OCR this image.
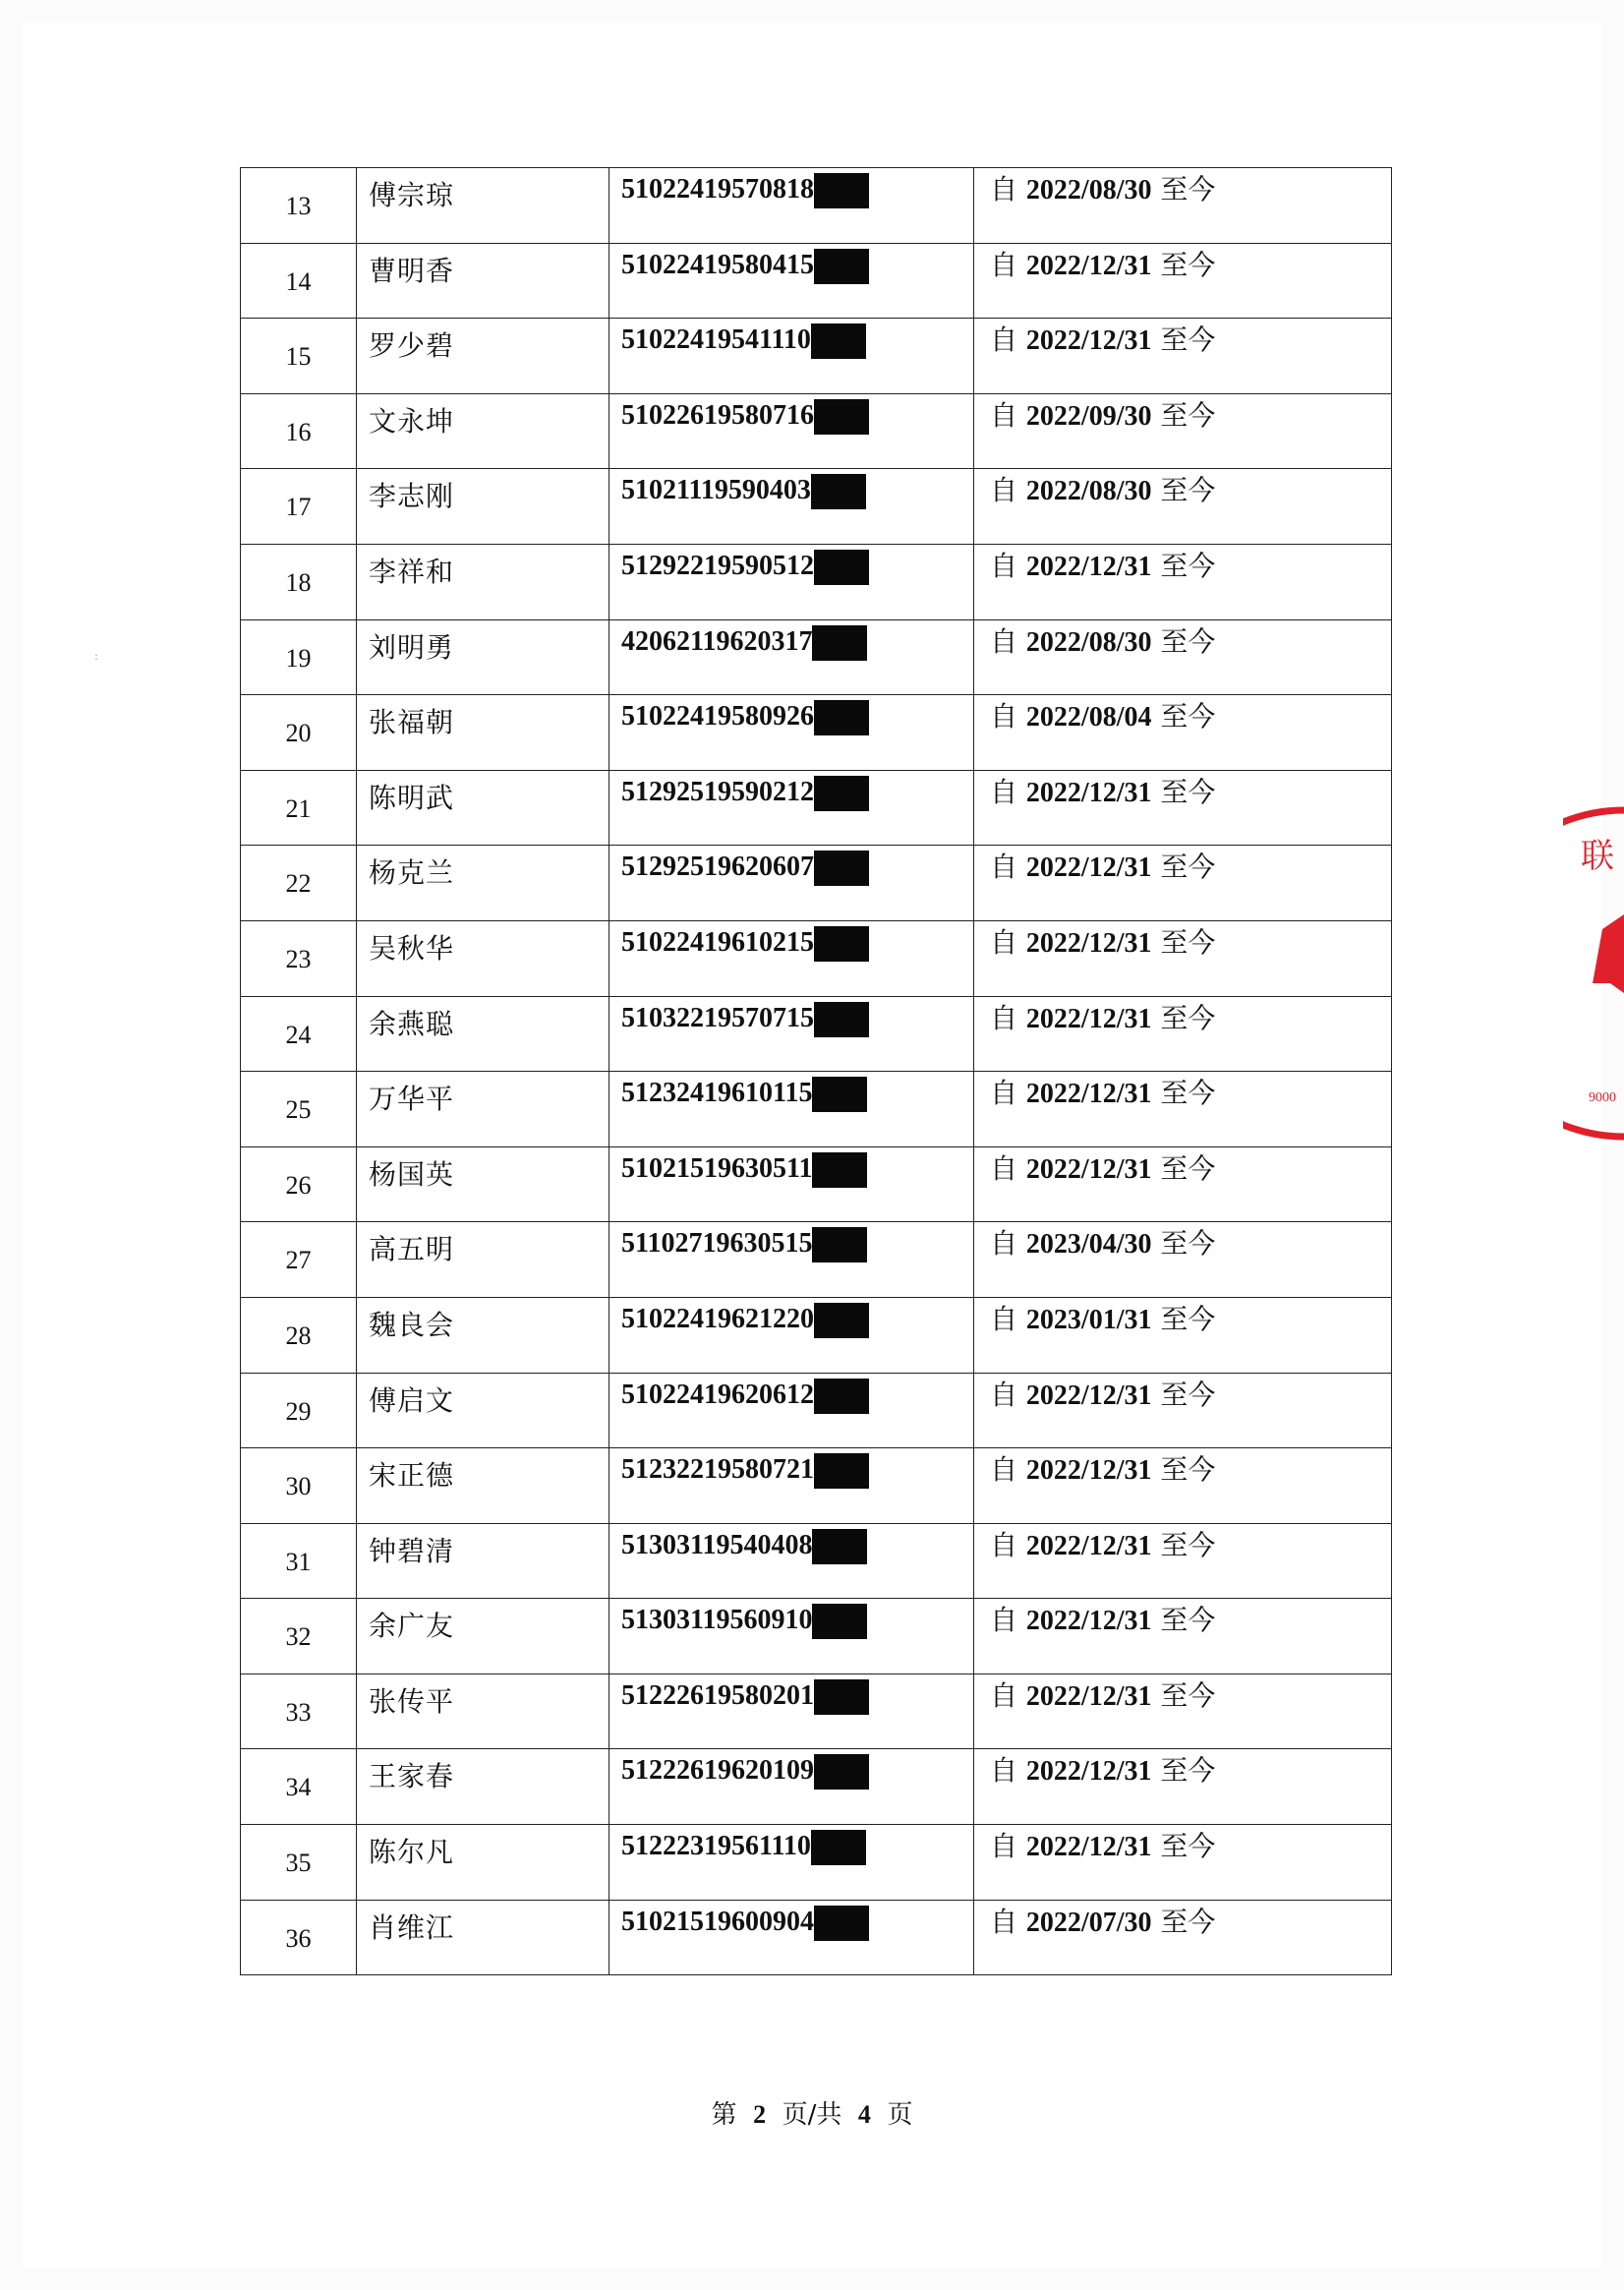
13	傅宗琼	51022419570818	自 2022/08/30 至今

14	曹明香	51022419580415	自 2022/12/31 至今

15	罗少碧	51022419541110	自 2022/12/31 至今

16	文永坤	51022619580716	自 2022/09/30 至今

17	李志刚	51021119590403	自 2022/08/30 至今

18	李祥和	51292219590512	自 2022/12/31 至今

19	刘明勇	42062119620317	自 2022/08/30 至今

20	张福朝	51022419580926	自 2022/08/04 至今

21	陈明武	51292519590212	自 2022/12/31 至今

22	杨克兰	51292519620607	自 2022/12/31 至今

23	吴秋华	51022419610215	自 2022/12/31 至今

24	余燕聪	51032219570715	自 2022/12/31 至今

25	万华平	51232419610115	自 2022/12/31 至今

26	杨国英	51021519630511	自 2022/12/31 至今

27	高五明	51102719630515	自 2023/04/30 至今

28	魏良会	51022419621220	自 2023/01/31 至今

29	傅启文	51022419620612	自 2022/12/31 至今

30	宋正德	51232219580721	自 2022/12/31 至今

31	钟碧清	51303119540408	自 2022/12/31 至今

32	余广友	51303119560910	自 2022/12/31 至今

33	张传平	51222619580201	自 2022/12/31 至今

34	王家春	51222619620109	自 2022/12/31 至今

35	陈尔凡	51222319561110	自 2022/12/31 至今

36	肖维江	51021519600904	自 2022/07/30 至今
第 2 页/共 4 页
联
9000
:
